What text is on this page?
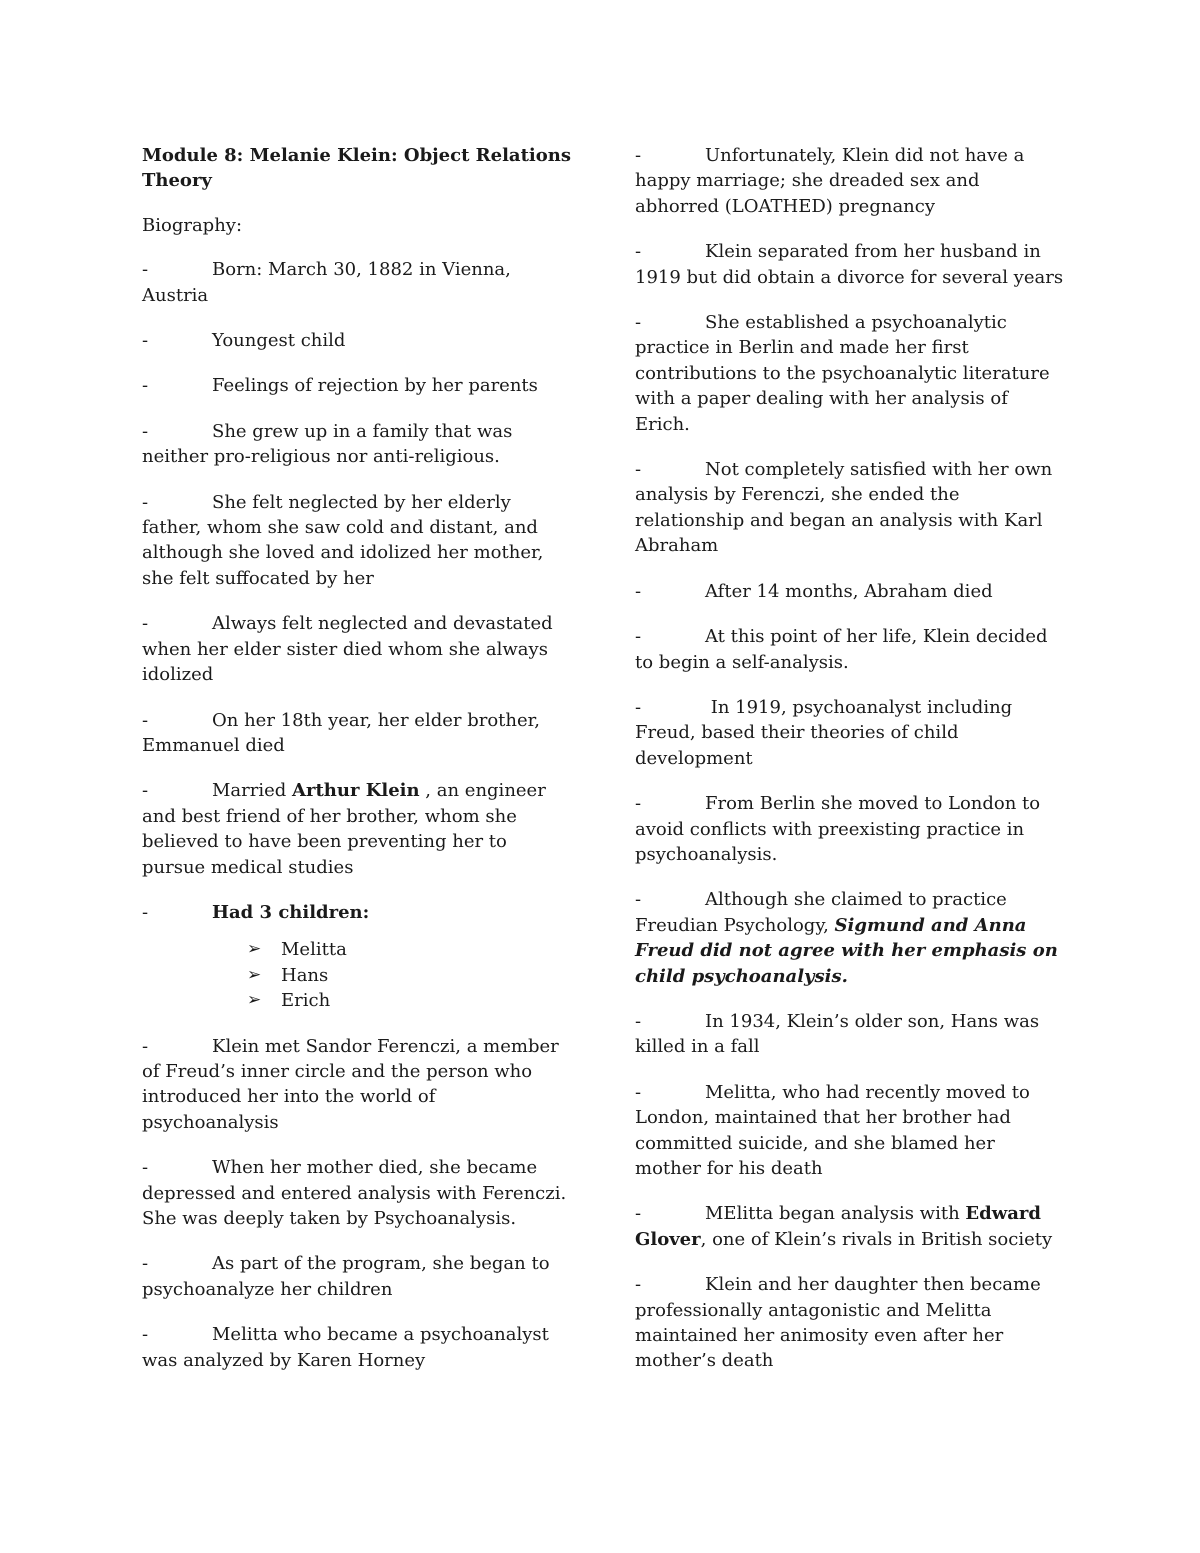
Module 8: Melanie Klein: Object Relations Theory
Biography:
-	Born: March 30, 1882 in Vienna, Austria
-	Youngest child
-	Feelings of rejection by her parents
-	She grew up in a family that was neither pro-religious nor anti-religious.
-	She felt neglected by her elderly father, whom she saw cold and distant, and although she loved and idolized her mother, she felt suffocated by her
-	Always felt neglected and devastated when her elder sister died whom she always idolized
-	On her 18th year, her elder brother, Emmanuel died
-	Married Arthur Klein , an engineer and best friend of her brother, whom she believed to have been preventing her to pursue medical studies
-	Had 3 children:
➢ Melitta
➢ Hans
➢ Erich
-	Klein met Sandor Ferenczi, a member of Freud’s inner circle and the person who introduced her into the world of psychoanalysis
-	When her mother died, she became depressed and entered analysis with Ferenczi. She was deeply taken by Psychoanalysis.
-	As part of the program, she began to psychoanalyze her children
-	Melitta who became a psychoanalyst was analyzed by Karen Horney
-	Unfortunately, Klein did not have a happy marriage; she dreaded sex and abhorred (LOATHED) pregnancy
-	Klein separated from her husband in 1919 but did obtain a divorce for several years
-	She established a psychoanalytic practice in Berlin and made her first contributions to the psychoanalytic literature with a paper dealing with her analysis of Erich.
-	Not completely satisfied with her own analysis by Ferenczi, she ended the relationship and began an analysis with Karl Abraham
-	After 14 months, Abraham died
-	At this point of her life, Klein decided to begin a self-analysis.
-	In 1919, psychoanalyst including Freud, based their theories of child development
-	From Berlin she moved to London to avoid conflicts with preexisting practice in psychoanalysis.
-	Although she claimed to practice Freudian Psychology, Sigmund and Anna Freud did not agree with her emphasis on child psychoanalysis.
-	In 1934, Klein’s older son, Hans was killed in a fall
-	Melitta, who had recently moved to London, maintained that her brother had committed suicide, and she blamed her mother for his death
-	MElitta began analysis with Edward Glover, one of Klein’s rivals in British society
-	Klein and her daughter then became professionally antagonistic and Melitta maintained her animosity even after her mother’s death
